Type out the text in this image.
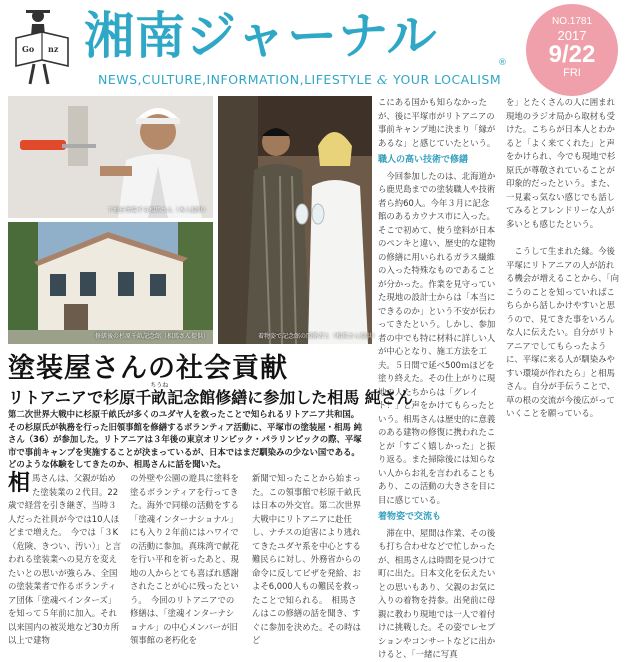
Go nz 湘南ジャーナル	®
NEWS,CULTURE,INFORMATION,LIFESTYLE & YOUR LOCALISM
NO.1781
2017
9/22
FRI
下地を塗装する相馬さん（本人提供）
修繕後の杉原千畝記念館（相馬さん提供）	着物姿で記念館の関係者と（相馬さん提供）
塗装屋さんの社会貢献
リトアニアで杉原千畝ちうね記念館修繕に参加した相馬 純さん
第二次世界大戦中に杉原千畝氏が多くのユダヤ人を救ったことで知られるリトアニア共和国。その杉原氏が執務を行った旧領事館を修繕するボランティア活動に、平塚市の塗装屋・相馬 純さん（36）が参加した。リトアニアは３年後の東京オリンピック・パラリンピックの際、平塚市で事前キャンプを実施することが決まっているが、日本ではまだ馴染みの少ない国である。どのような体験をしてきたのか、相馬さんに話を聞いた。
相馬さんは、父親が始めた塗装業の２代目。22歳で経営を引き継ぎ、当時３人だった社員が今では10人ほどまで増えた。　今では「３K（危険、きつい、汚い）」と言われる塗装業への見方を変えたいとの思いが強らみ、全国の塗装業者で作るボランティア団体「塗魂ペインターズ」を知って５年前に加入。それ以来国内の被災地など30カ所以上で建物
の外壁や公園の遊具に塗料を塗るボランティアを行ってきた。海外で同様の活動をする「塗魂インターナショナル」にも入り２年前にはハワイでの活動に参加。真珠湾で献花を行い平和を祈ったあと、現地の人からとても喜ばれ感謝されたことが心に残ったという。　今回のリトアニアでの修繕は、「塗魂インターナショナル」の中心メンバーが旧領事館の老朽化を
新聞で知ったことから始まった。この領事館で杉原千畝氏は日本の外交官。第二次世界大戦中にリトアニアに赴任し、ナチスの迫害により逃れてきたユダヤ系を中心とする難民らに対し、外務省からの命令に反してビザを発給、およそ6,000人もの難民を救ったことで知られる。　相馬さんはこの修繕の話を聞き、すぐに参加を決めた。その時はど

こにある国かも知らなかったが、後に平塚市がリトアニアの事前キャンプ地に決まり「縁があるな」と感じていたという。

職人の高い技術で修繕

　今回参加したのは、北海道から鹿児島までの塗装職人や技術者ら約60人。今年３月に記念館のあるカウナス市に入った。　そこで初めて、使う塗料が日本のペンキと違い、歴史的な建物の修繕に用いられるガラス繊維の入った特殊なものであることが分かった。作業を見守っていた現地の設計士からは「本当にできるのか」という不安が伝わってきたという。しかし、参加者の中でも特に材料に詳しい人が中心となり、施工方法を工夫。５日間で延べ500ｍほどを塗り終えた。その仕上がりに現地の人たちからは「グレイト！」と声をかけてもらったという。相馬さんは歴史的に意義のある建物の修復に携われたことが「すごく嬉しかった」と振り返る。また掃除後には知らない人からお礼を言われることもあり、この活動の大きさを目に目に感じている。

着物姿で交流も

　滞在中、屋間は作業、その後も打ち合わせなどで忙しかったが、相馬さんは時間を見つけて町に出た。日本文化を伝えたいとの思いもあり、父親のお気に入りの着物を持参。出発前に母親に教わり現地では一人で着付けに挑戦した。その姿でレセプションやコンサートなどに出かけると、「一緒に写真

を」とたくさんの人に囲まれ現地のラジオ局から取材も受けた。こちらが日本人とわかると「よく来てくれた」と声をかけられ、今でも現地で杉原氏が尊敬されていることが印象的だったという。また、一見素っ気ない感じでも話してみるとフレンドリーな人が多いとも感じたという。

　こうして生まれた縁。今後平塚にリトアニアの人が訪れる機会が増えることから、「向こうのことを知っていればこちらから話しかけやすいと思うので、見てきた事をいろんな人に伝えたい。自分がリトアニアでしてもらったように、平塚に来る人が馴染みやすい環境が作れたら」と相馬さん。自分が手伝うことで、草の根の交流が今後広がっていくことを願っている。
